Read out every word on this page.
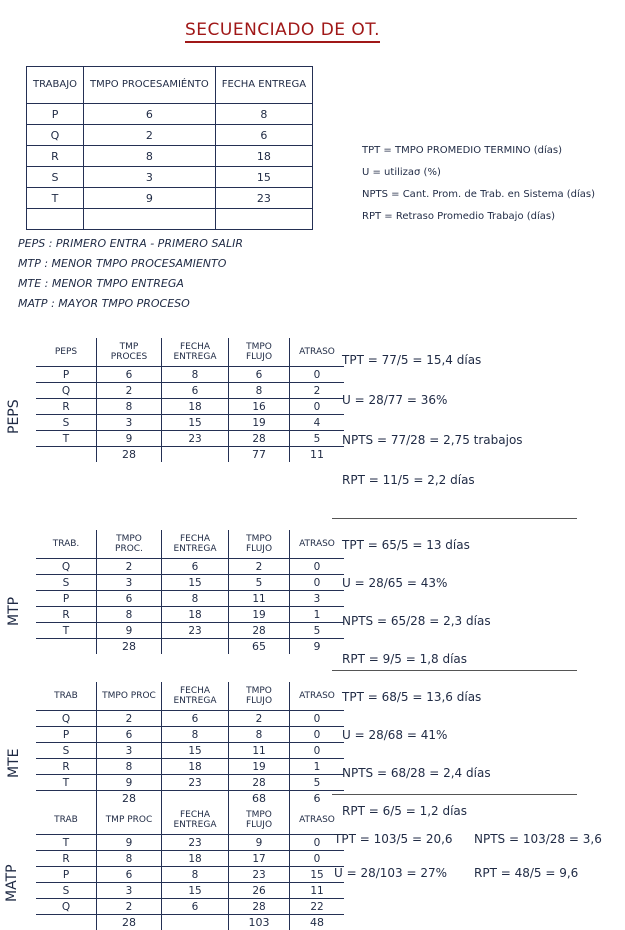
SECUENCIADO DE OT.
TRABAJO	TMPO PROCESAMIÉNTO	FECHA ENTREGA
P	6	8
Q	2	6
R	8	18
S	3	15
T	9	23

TPT = TMPO PROMEDIO TERMINO (días)
U = utilizaσ (%)
NPTS = Cant. Prom. de Trab. en Sistema (días)
RPT = Retraso Promedio Trabajo (días)
PEPS : PRIMERO ENTRA - PRIMERO SALIR
MTP : MENOR TMPO PROCESAMIENTO
MTE : MENOR TMPO ENTREGA
MATP : MAYOR TMPO PROCESO
PEPS
PEPS	TMP PROCES	FECHA ENTREGA	TMPO FLUJO	ATRASO
P	6	8	6	0
Q	2	6	8	2
R	8	18	16	0
S	3	15	19	4
T	9	23	28	5
	28		77	11
TPT = 77/5 = 15,4 días
U = 28/77 = 36%
NPTS = 77/28 = 2,75 trabajos
RPT = 11/5 = 2,2 días
MTP
TRAB.	TMPO PROC.	FECHA ENTREGA	TMPO FLUJO	ATRASO
Q	2	6	2	0
S	3	15	5	0
P	6	8	11	3
R	8	18	19	1
T	9	23	28	5
	28		65	9
TPT = 65/5 = 13 días
U = 28/65 = 43%
NPTS = 65/28 = 2,3 días
RPT = 9/5 = 1,8 días
MTE
TRAB	TMPO PROC	FECHA ENTREGA	TMPO FLUJO	ATRASO
Q	2	6	2	0
P	6	8	8	0
S	3	15	11	0
R	8	18	19	1
T	9	23	28	5
	28		68	6
TPT = 68/5 = 13,6 días
U = 28/68 = 41%
NPTS = 68/28 = 2,4 días
RPT = 6/5 = 1,2 días
MATP
TRAB	TMP PROC	FECHA ENTREGA	TMPO FLUJO	ATRASO
T	9	23	9	0
R	8	18	17	0
P	6	8	23	15
S	3	15	26	11
Q	2	6	28	22
	28		103	48
TPT = 103/5 = 20,6	NPTS = 103/28 = 3,6
U = 28/103 = 27%	RPT = 48/5 = 9,6
